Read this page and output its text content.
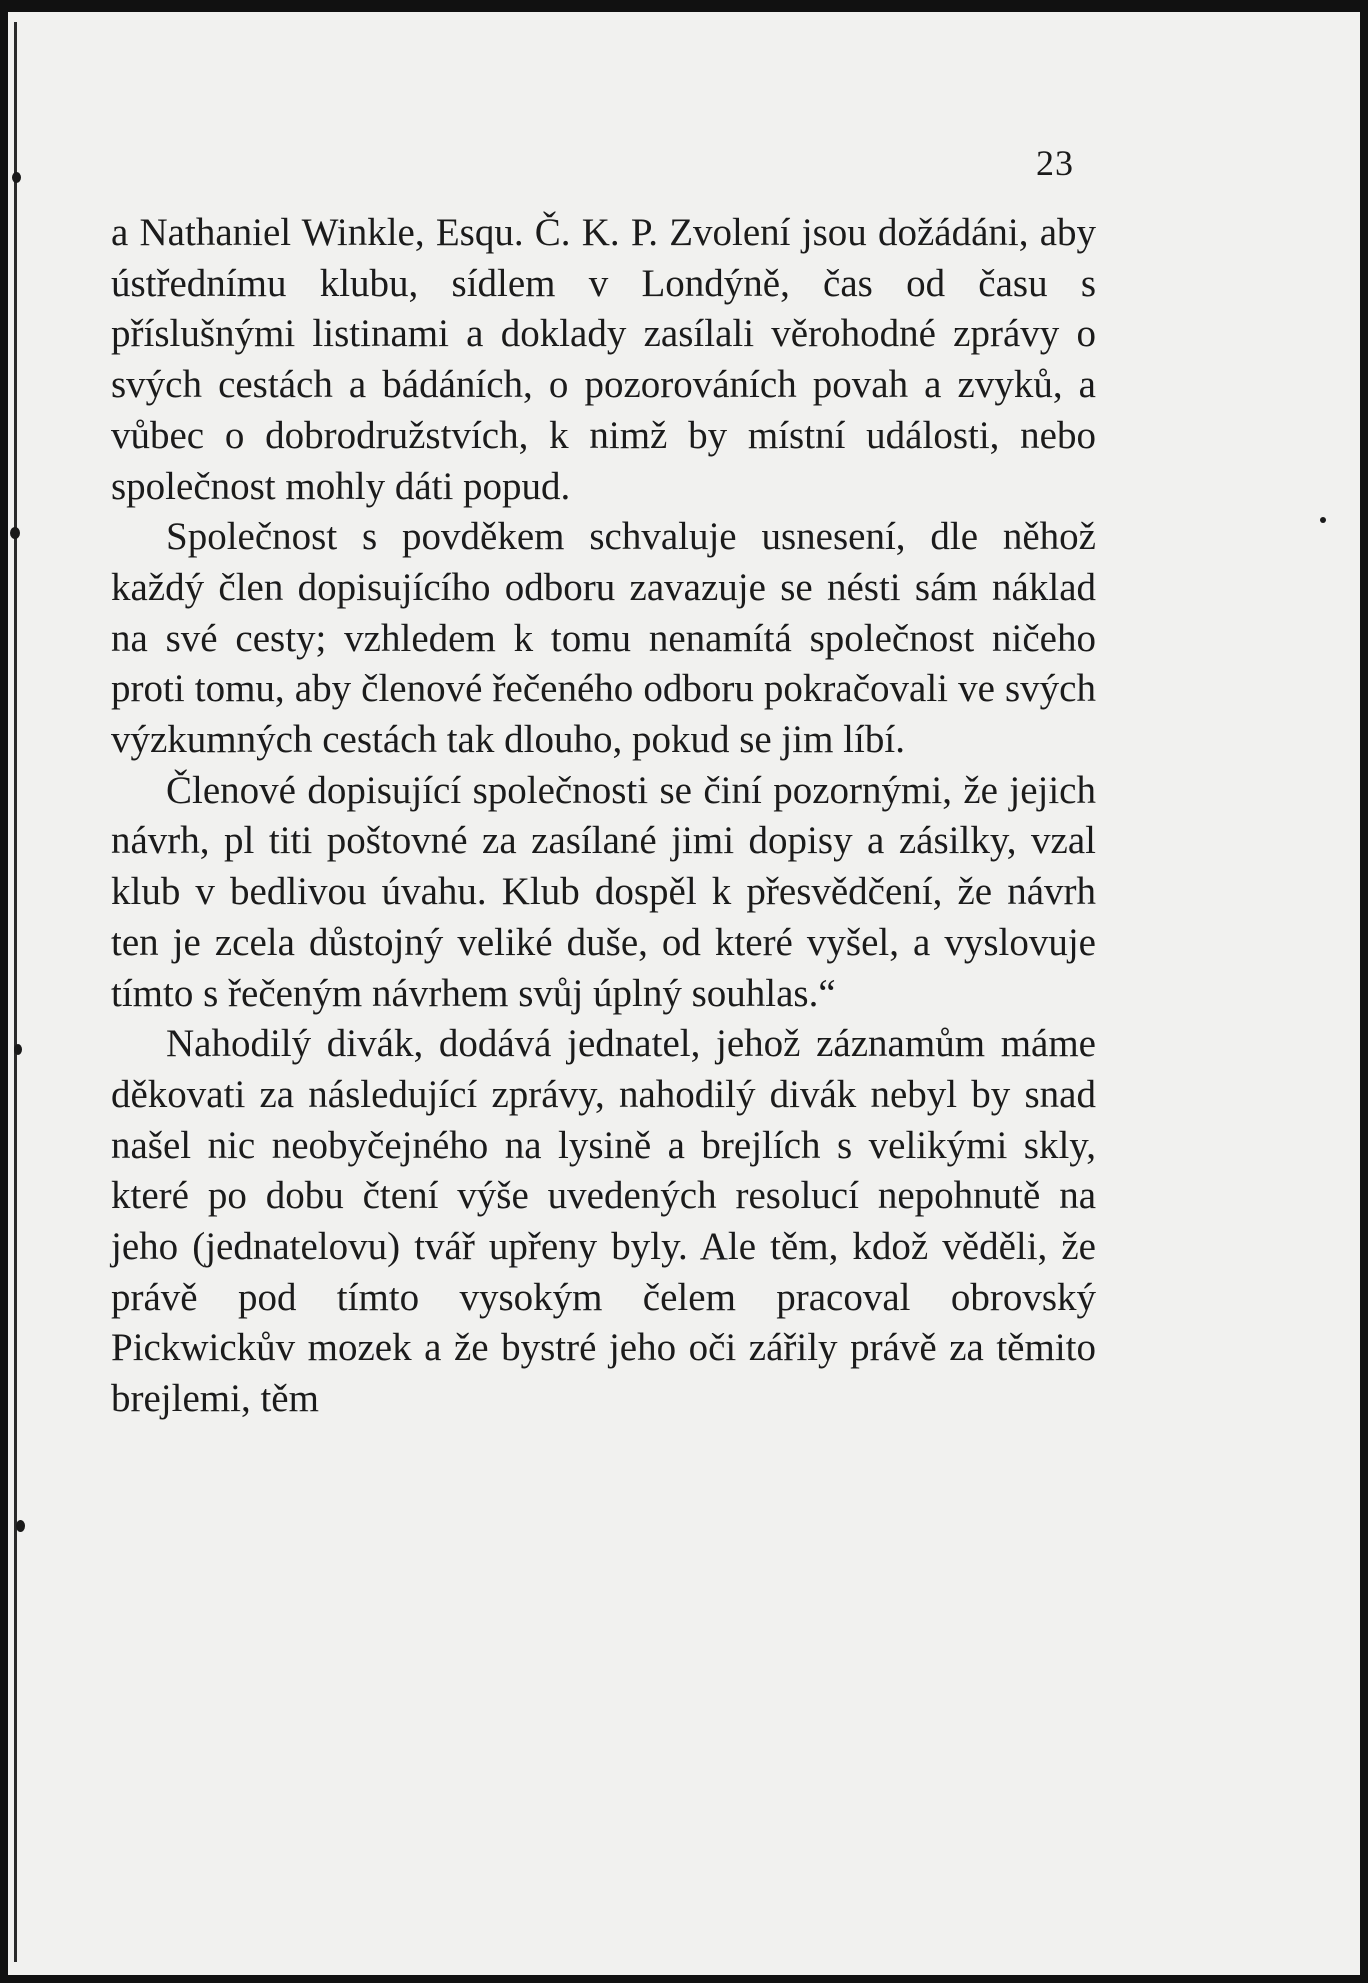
23

a Nathaniel Winkle, Esqu. Č. K. P. Zvolení jsou dožádáni, aby ústřednímu klubu, sídlem v Londýně, čas od času s příslušnými listinami a doklady zasílali věrohodné zprávy o svých cestách a bádáních, o pozorováních povah a zvyků, a vůbec o dobrodružstvích, k nimž by místní události, nebo společnost mohly dáti popud.

Společnost s povděkem schvaluje usnesení, dle něhož každý člen dopisujícího odboru zavazuje se nésti sám náklad na své cesty; vzhledem k tomu nenamítá společnost ničeho proti tomu, aby členové řečeného odboru pokračovali ve svých výzkumných cestách tak dlouho, pokud se jim líbí.

Členové dopisující společnosti se činí pozornými, že jejich návrh, pl titi poštovné za zasílané jimi dopisy a zásilky, vzal klub v bedlivou úvahu. Klub dospěl k přesvědčení, že návrh ten je zcela důstojný veliké duše, od které vyšel, a vyslovuje tímto s řečeným návrhem svůj úplný souhlas.“

Nahodilý divák, dodává jednatel, jehož záznamům máme děkovati za následující zprávy, nahodilý divák nebyl by snad našel nic neobyčejného na lysině a brejlích s velikými skly, které po dobu čtení výše uvedených resolucí nepohnutě na jeho (jednatelovu) tvář upřeny byly. Ale těm, kdož věděli, že právě pod tímto vysokým čelem pracoval obrovský Pickwickův mozek a že bystré jeho oči zářily právě za těmito brejlemi, těm
